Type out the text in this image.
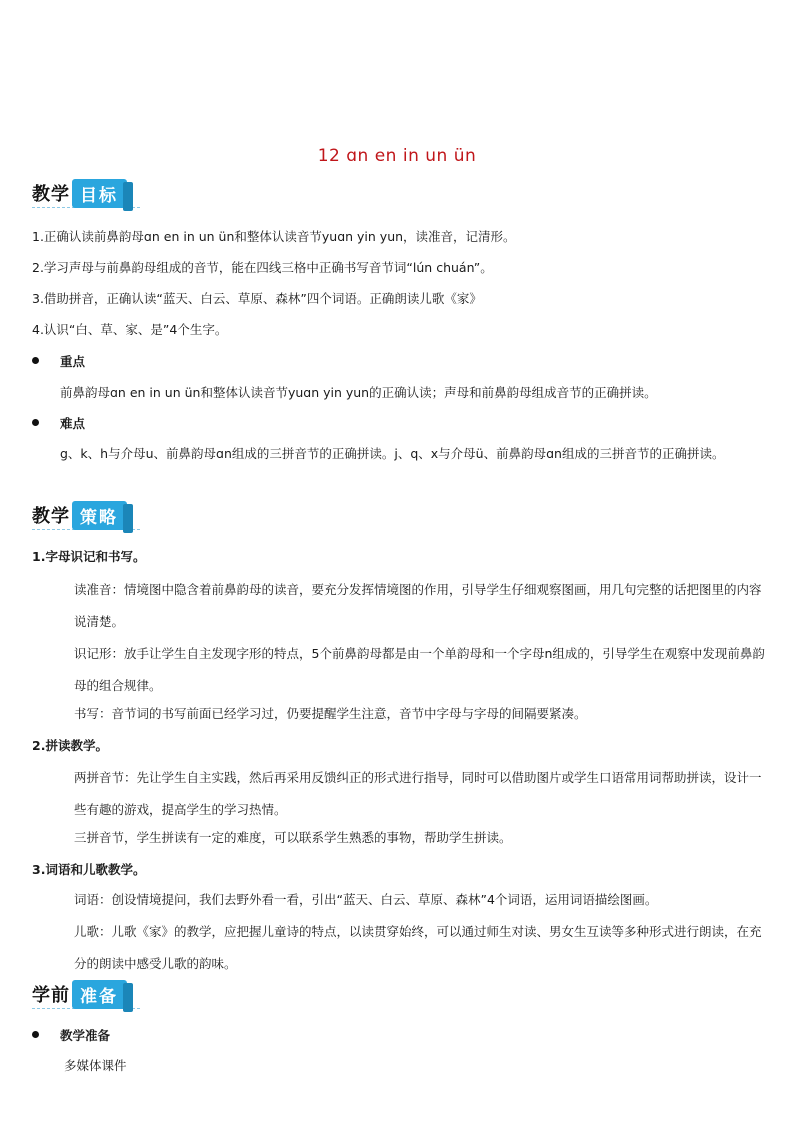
12 ɑn en in un ün
教学 目标
1.正确认读前鼻韵母ɑn en in un ün和整体认读音节yuɑn yin yun，读准音，记清形。
2.学习声母与前鼻韵母组成的音节，能在四线三格中正确书写音节词“lún chuán”。
3.借助拼音，正确认读“蓝天、白云、草原、森林”四个词语。正确朗读儿歌《家》
4.认识“白、草、家、是”4个生字。
重点
前鼻韵母ɑn en in un ün和整体认读音节yuɑn yin yun的正确认读；声母和前鼻韵母组成音节的正确拼读。
难点
g、k、h与介母u、前鼻韵母ɑn组成的三拼音节的正确拼读。j、q、x与介母ü、前鼻韵母ɑn组成的三拼音节的正确拼读。
教学 策略
1.字母识记和书写。
读准音：情境图中隐含着前鼻韵母的读音，要充分发挥情境图的作用，引导学生仔细观察图画，用几句完整的话把图里的内容说清楚。
识记形：放手让学生自主发现字形的特点，5个前鼻韵母都是由一个单韵母和一个字母n组成的，引导学生在观察中发现前鼻韵母的组合规律。
书写：音节词的书写前面已经学习过，仍要提醒学生注意，音节中字母与字母的间隔要紧凑。
2.拼读教学。
两拼音节：先让学生自主实践，然后再采用反馈纠正的形式进行指导，同时可以借助图片或学生口语常用词帮助拼读，设计一些有趣的游戏，提高学生的学习热情。
三拼音节，学生拼读有一定的难度，可以联系学生熟悉的事物，帮助学生拼读。
3.词语和儿歌教学。
词语：创设情境提问，我们去野外看一看，引出“蓝天、白云、草原、森林”4个词语，运用词语描绘图画。
儿歌：儿歌《家》的教学，应把握儿童诗的特点，以读贯穿始终，可以通过师生对读、男女生互读等多种形式进行朗读，在充分的朗读中感受儿歌的韵味。
学前 准备
教学准备
多媒体课件
